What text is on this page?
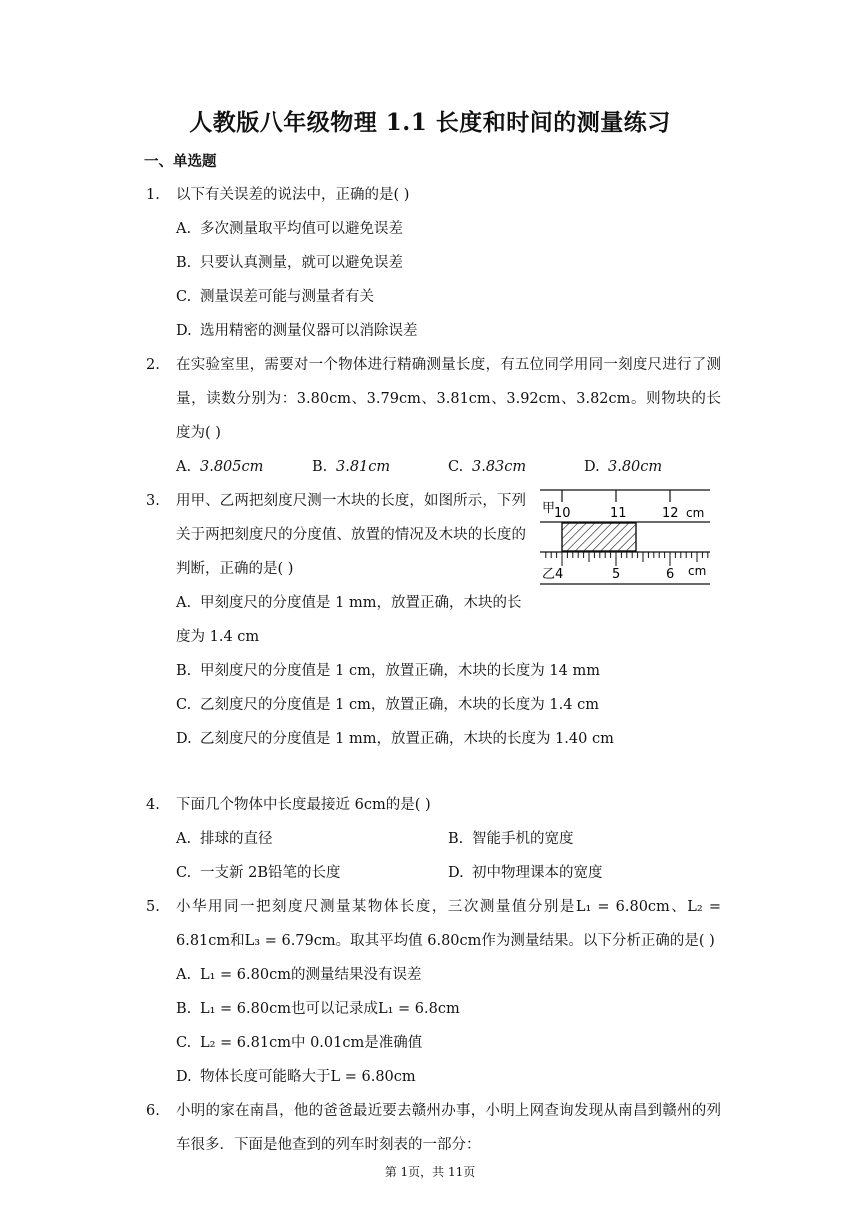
人教版八年级物理 1.1 长度和时间的测量练习
一、单选题
1.	以下有关误差的说法中，正确的是( )
A. 多次测量取平均值可以避免误差
B. 只要认真测量，就可以避免误差
C. 测量误差可能与测量者有关
D. 选用精密的测量仪器可以消除误差
2.	在实验室里，需要对一个物体进行精确测量长度，有五位同学用同一刻度尺进行了测量，读数分别为：3.80cm、3.79cm、3.81cm、3.92cm、3.82cm。则物块的长度为( )
A. 3.805cm	B. 3.81cm	C. 3.83cm	D. 3.80cm
3.	用甲、乙两把刻度尺测一木块的长度，如图所示，下列关于两把刻度尺的分度值、放置的情况及木块的长度的判断，正确的是( )
A. 甲刻度尺的分度值是 1 mm，放置正确，木块的长度为 1.4 cm
B. 甲刻度尺的分度值是 1 cm，放置正确，木块的长度为 14 mm
C. 乙刻度尺的分度值是 1 cm，放置正确，木块的长度为 1.4 cm
D. 乙刻度尺的分度值是 1 mm，放置正确，木块的长度为 1.40 cm
甲
10	11	12 cm
乙 4	5	6 cm
4.	下面几个物体中长度最接近 6cm的是( )
A. 排球的直径	B. 智能手机的宽度
C. 一支新 2B铅笔的长度	D. 初中物理课本的宽度
5.	小华用同一把刻度尺测量某物体长度，三次测量值分别是L₁ = 6.80cm、L₂ = 6.81cm和L₃ = 6.79cm。取其平均值 6.80cm作为测量结果。以下分析正确的是( )
A. L₁ = 6.80cm的测量结果没有误差
B. L₁ = 6.80cm也可以记录成L₁ = 6.8cm
C. L₂ = 6.81cm中 0.01cm是准确值
D. 物体长度可能略大于L = 6.80cm
6.	小明的家在南昌，他的爸爸最近要去赣州办事，小明上网查询发现从南昌到赣州的列车很多．下面是他查到的列车时刻表的一部分：
第 1页，共 11页
